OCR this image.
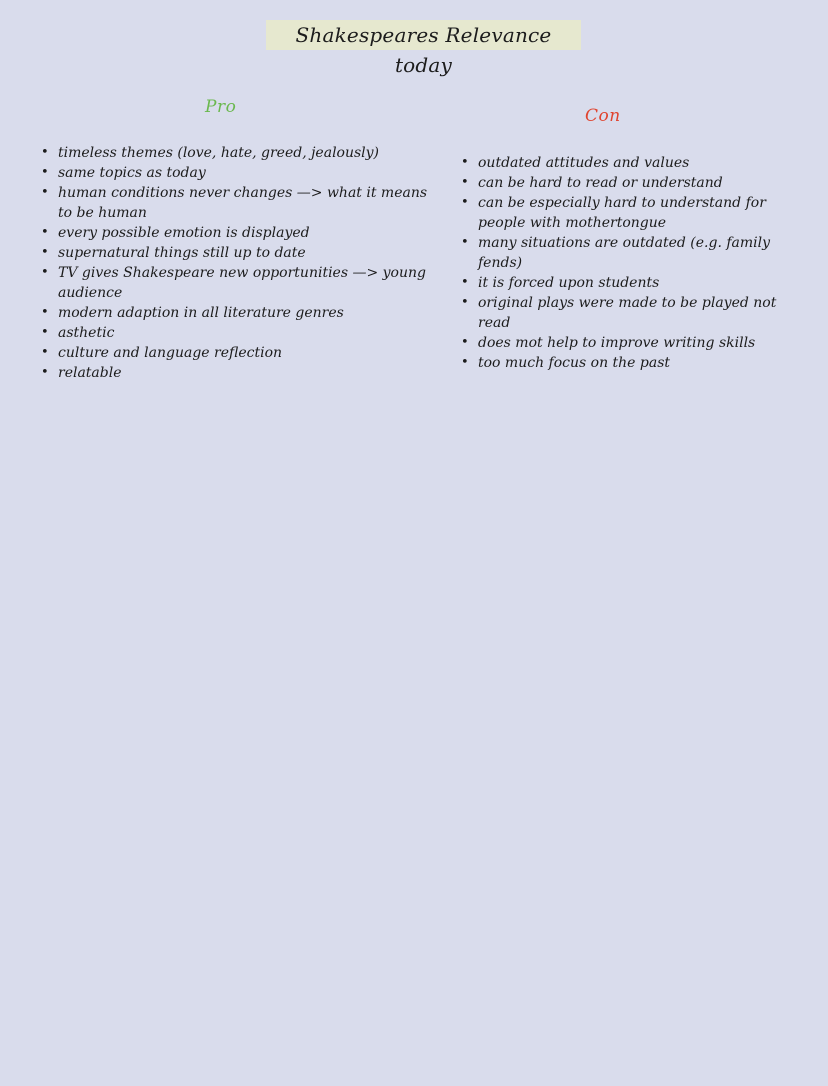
Shakespeares Relevance today
Pro	Con
• timeless themes (love, hate, greed, jealously)
• same topics as today
• human conditions never changes —> what it means to be human
• every possible emotion is displayed
• supernatural things still up to date
• TV gives Shakespeare new opportunities —> young audience
• modern adaption in all literature genres
• asthetic
• culture and language reflection
• relatable
• outdated attitudes and values
• can be hard to read or understand
• can be especially hard to understand for people with mothertongue
• many situations are outdated (e.g. family fends)
• it is forced upon students
• original plays were made to be played not read
• does mot help to improve writing skills
• too much focus on the past
